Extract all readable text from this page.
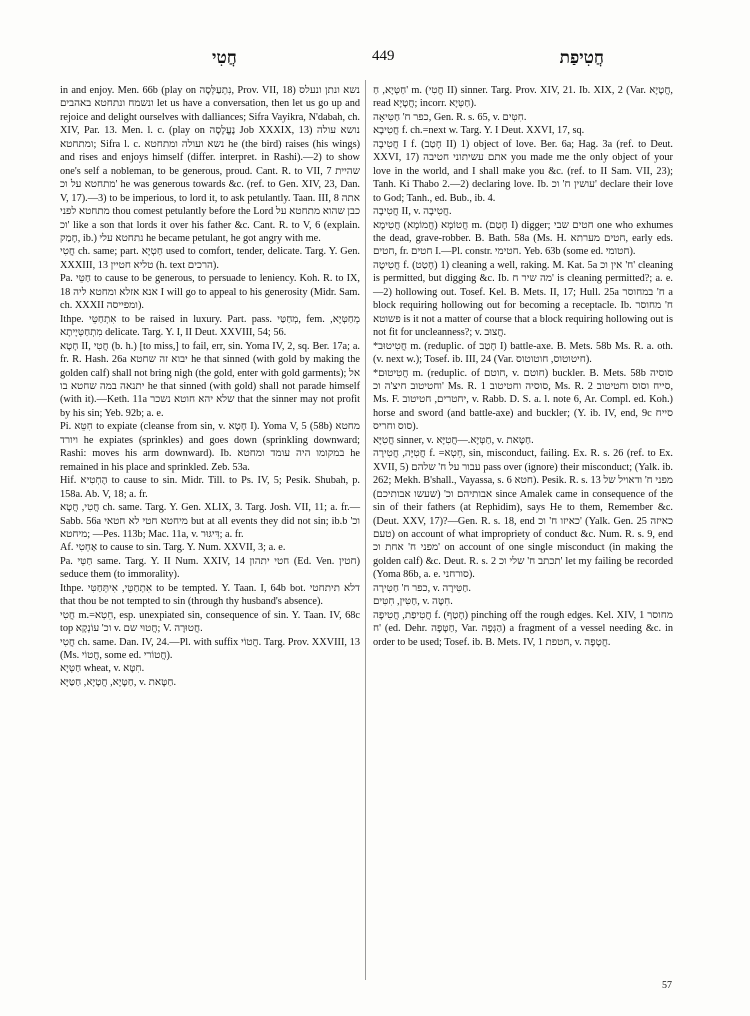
חֲטִי	449	חֲטִיפַת

in and enjoy. Men. 66b (play on נִתְעַלְּסָה, Prov. VII, 18) נשא ונתן ונעלס ונשמח ונתחטא באהבים let us have a conversation, then let us go up and rejoice and delight ourselves with dalliances; Sifra Vayikra, N'dabah, ch. XIV, Par. 13. Men. l. c. (play on נֶעֱלָסָה Job XXXIX, 13) נושא עולה ומתחטא; Sifra l. c. נשא ועולה ומתחטא he (the bird) raises (his wings) and rises and enjoys himself (differ. interpret. in Rashi).—2) to show one's self a nobleman, to be generous, proud. Cant. R. to VII, 7 שהיית מתחטא על וכ' he was generous towards &c. (ref. to Gen. XIV, 23, Dan. V, 17).—3) to be imperious, to lord it, to ask petulantly. Taan. III, 8 אתה מתחטא לפני thou comest petulantly before the Lord כבן שהוא מתחטא על וכ' like a son that lords it over his father &c. Cant. R. to V, 6 (explain. חָמַק, ib.) נתחטא עלי he became petulant, he got angry with me.

חֲטִי ch. same; part. חַטְיָא used to comfort, tender, delicate. Targ. Y. Gen. XXXIII, 13 טליא חטיין (h. text הרכים).

Pa. חַטֵּי to cause to be generous, to persuade to leniency. Koh. R. to IX, 18 אנא אזלא ומחטא ליה I will go to appeal to his generosity (Midr. Sam. ch. XXXII ומפייסה).

Ithpe. אִתְחַטֵּי to be raised in luxury. Part. pass. מְחַטַּי, fem. מְחַטְּיָא, מִתְחַטְּיָיתָא delicate. Targ. Y. I, II Deut. XXVIII, 54; 56.

חָטָא II, חֲטִי (b. h.) [to miss,] to fail, err, sin. Yoma IV, 2, sq. Ber. 17a; a. fr. R. Hash. 26a יבוא זה שחטא he that sinned (with gold by making the golden calf) shall not bring nigh (the gold, enter with gold garments); אל יתנאה במה שחטא בו he that sinned (with gold) shall not parade himself (with it).—Keth. 11a שלא יהא חוטא נשכר that the sinner may not profit by his sin; Yeb. 92b; a. e.

Pi. חִטֵּא to expiate (cleanse from sin, v. חָטָא I). Yoma V, 5 (58b) מחטא ויורד he expiates (sprinkles) and goes down (sprinkling downward; Rashi: moves his arm downward). Ib. במקומו היה עומד ומחטא he remained in his place and sprinkled. Zeb. 53a.

Hif. הֶחְטִיא to cause to sin. Midr. Till. to Ps. IV, 5; Pesik. Shubah, p. 158a. Ab. V, 18; a. fr.

חֲטִי, חֲטָא ch. same. Targ. Y. Gen. XLIX, 3. Targ. Josh. VII, 11; a. fr.—Sabb. 56a מיחטא חטי לא חטאי but at all events they did not sin; ib.b וכ' מיחטא; —Pes. 113b; Mac. 11a, v. דִּיגּוּר; a. fr.

Af. אַחְטִי to cause to sin. Targ. Y. Num. XXVII, 3; a. e.

Pa. חַטֵּי same. Targ. Y. II Num. XXIV, 14 חטי יתהון (Ed. Ven. חטין) seduce them (to immorality).

Ithpe. אִתְחַטֵּי, אִיתְּחַטִּי to be tempted. Y. Taan. I, 64b bot. דלא תיתחטי that thou be not tempted to sin (through thy husband's absence).

חֲטִי m.=חֵטְא, esp. unexpiated sin, consequence of sin. Y. Taan. IV, 68c top וכ' עוֹנְקָא v. חֲטוּי שם; V. חֲטוּרָה.

חֲטִי ch. same. Dan. IV, 24.—Pl. with suffix חֲטוֹי. Targ. Prov. XXVIII, 13 (Ms. חֲטוֹי, some ed. חֲטוֹרי).

חַטְּיָא wheat, v. חִטָּא.

חַטָּיָא, חֲטָיָא, חַטַּיָּא, v. חַטָּאת.

חַטְּיָא, חַ' m. (חֲטִי II) sinner. Targ. Prov. XIV, 21. Ib. XIX, 2 (Var. חֲטָיָא, read חֲטָיָא; incorr. חַטְּיָא).

כפר ח' חַטִּיאָה, Gen. R. s. 65, v. חִטִּים.

חֲטִיבָא f. ch.=next w. Targ. Y. I Deut. XXVI, 17, sq.

חֲטִיבָה I f. (חָטַב II) 1) object of love. Ber. 6a; Hag. 3a (ref. to Deut. XXVI, 17) אתם עשיתוני חטיבה you made me the only object of your love in the world, and I shall make you &c. (ref. to II Sam. VII, 23); Tanh. Ki Thabo 2.—2) declaring love. Ib. עושין ח' וכ' declare their love to God; Tanh., ed. Bub., ib. 4.

חֲטִיבָה II, v. חֲטִיבָה.

חֲטוֹמָא (חֲמוֹמָא) חֲטִימָא m. (חָטַם I) digger; חטים שבי one who exhumes the dead, grave-robber. B. Bath. 58a (Ms. H. חטים מערתא, early eds. חטים, fr. חטים I.—Pl. constr. חטימי. Yeb. 63b (some ed. חטומי).

חֲטִיטָה f. (חָטַט) 1) cleaning a well, raking. M. Kat. 5a ח' אין וכ' cleaning is permitted, but digging &c. Ib. מה שיר ח' is cleaning permitted?; a. e.—2) hollowing out. Tosef. Kel. B. Mets. II, 17; Hull. 25a ח' במחוסר a block requiring hollowing out for becoming a receptacle. Ib. ח' מחוסר פשוטא is it not a matter of course that a block requiring hollowing out is not fit for uncleanness?; v. חֲצוּב.

*חֲטִיטוּב m. (reduplic. of חָטַב I) battle-axe. B. Mets. 58b Ms. R. a. oth. (v. next w.); Tosef. ib. III, 24 (Var. חיטוטוס, חוטוטוס).

*חֲטִיטוּם m. (reduplic. of חוטם, v. חוטם) buckler. B. Mets. 58b סוסיה וחטיטוב חיצ'ה וכ' Ms. R. 1 סוסיה וחטיטוב, Ms. R. 2 סייח וסוס וחטיטוב, Ms. F. יחטרים, חטיטוב, v. Rabb. D. S. a. l. note 6, Ar. Compl. ed. Koh.) horse and sword (and battle-axe) and buckler; (Y. ib. IV, end, 9c סייח סוס וחריס).

חֲטִיָּא sinner, v. חַטְּיָא.—חֲטִיָּא, v. חַטָּאת.

חֲטִיָּה, חֲטִירָה f. =חֵטְא, sin, misconduct, failing. Ex. R. s. 26 (ref. to Ex. XVII, 5) עבור על ח' שלהם pass over (ignore) their misconduct; (Yalk. ib. 262; Mekh. B'shall., Vayassa, s. 6 חטא). Pesik. R. s. 13 מפני ח' ודאויל של אבותיהם וכ' (שעשו אבותיכם) since Amalek came in consequence of the sin of their fathers (at Rephidim), says He to them, Remember &c. (Deut. XXV, 17)?—Gen. R. s. 18, end כאיזו ח' וכ' (Yalk. Gen. 25 כאיזה טעם) on account of what impropriety of conduct &c. Num. R. s. 9, end מפני ח' אחת וכ' on account of one single misconduct (in making the golden calf) &c. Deut. R. s. 2 תכתב ח' שלי וכ' let my failing be recorded (Yoma 86b, a. e. סורחני).

כפר ח' חַטִּירָה, v. חַטִּירָה.

חַטִּין, חִטִּים, v. חִטָּה.

חֲטִיפַת, חֲטִיפָה f. (חָטַף) pinching off the rough edges. Kel. XIV, 1 מחוסר ח' (ed. Dehr. חַטָּפָה, Var. הַגְּפָה) a fragment of a vessel needing &c. in order to be used; Tosef. ib. B. Mets. IV, 1 חטפת, v. חֲטָפָה.

57
